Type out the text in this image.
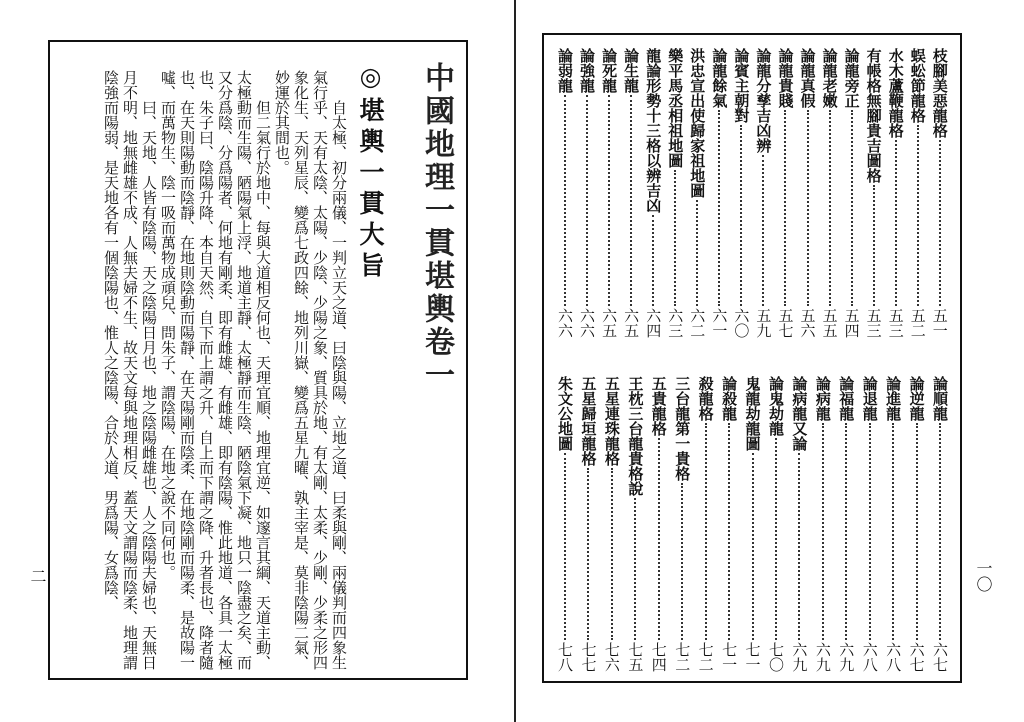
中國地理一貫堪輿卷一
◎堪輿一貫大旨

自太極、初分兩儀、一判立天之道、曰陰與陽、立地之道、曰柔與剛、兩儀判而四象生氣行乎、天有太陰、太陽、少陰、少陽之象、質具於地、有太剛、太柔、少剛、少柔之形四象化生、天列星辰、變爲七政四餘、地列川嶽、變爲五星九曜、孰主宰是、莫非陰陽二氣、妙運於其間也。

但二氣行於地中、每與大道相反何也、天理宜順、地理宜逆、如邃言其綱、天道主動、太極動而生陽、陋陽氣上浮、地道主靜、太極靜而生陰、陋陰氣下凝、地只一陰盡之矣、而又分爲陰、分爲陽者、何地有剛柔、即有雌雄、有雌雄、即有陰陽、惟此地道、各具一太極也、朱子曰、陰陽升降、本自天然、自下而上謂之升、自上而下謂之降、升者長也、降者隨也、在天則陽動而陰靜、在地則陰動而陽靜、在天陽剛而陰柔、在地陰剛而陽柔、是故陽一噓、而萬物生、陰一吸而萬物成頑兒、問朱子、謂陰陽、在地之說不同何也。

曰、天地、人皆有陰陽、天之陰陽日月也、地之陰陽雌雄也、人之陰陽夫婦也、天無日月不明、地無雌雄不成、人無夫婦不生、故天文每與地理相反、蓋天文謂陽而陰柔、地理謂陰強而陽弱、是天地各有一個陰陽也、惟人之陰陽、合於人道、男爲陽、女爲陰、

二	一〇
枝腳美惡龍格
五一
蜈蚣節龍格
五二
水木蘆鞭龍格
五三
有帳格無腳貴吉圖格
五三
論龍旁正
五四
論龍老嫩
五五
論龍真假
五六
論龍貴賤
五七
論龍分孳吉凶辨
五九
論賓主朝對
六〇
論龍餘氣
六一
洪忠宣出使歸家祖地圖
六二
樂平馬丞相祖地圖
六三
龍論形勢十三格以辨吉凶
六四
論生龍
六五
論死龍
六五
論強龍
六六
論弱龍
六六
論順龍
六七
論逆龍
六七
論進龍
六八
論退龍
六八
論福龍
六九
論病龍
六九
論病龍又論
六九
論鬼劫龍
七〇
鬼龍劫龍圖
七一
論殺龍
七一
殺龍格
七二
三台龍第一貴格
七二
五貴龍格
七四
王枕三台龍貴格說
七五
五星連珠龍格
七六
五星歸垣龍格
七七
朱文公地圖
七八
